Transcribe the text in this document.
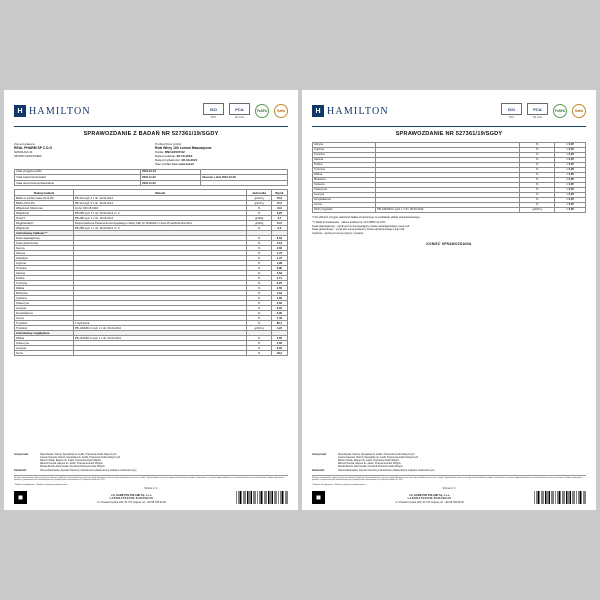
H HAMILTON	ISO
9001
PCA
AB 1234
FoSFA	Gafta
SPRAWOZDANIE Z BADAŃ NR 527361/19/SGDY
Zleceniodawca
REAL PHARM SP Z.O.O
SZKOLNA 41
05-550 CZAPLINEK
Próbka/Opis próbki
Real Whey 100 Lemon Mascarpone
Partia: BN/191507/42
Data produkcji: 28-10-2019
Data przydatności: 28-10-2021
Stan próbki: bez zastrzeżeń
Data przyjęcia próbki	2019-10-31	
Data zakończenia badań	2019-11-22	Zlecenie z dnia 2019-10-30
Data ukończenia sprawozdania	2019-11-22	
Rodzaj badania	Metoda	Jednostka	Wynik
Białko w suchej masie (N×6,25)	PB-114 wyd. 6 z dn. 30.06.2014	g/100 g	76,3
Białko (N×6,25)	PB-114 wyd. 6 z dn. 30.06.2014	g/100 g	72,5
Wilgotność Obliczenia	ACAC 925.45:1994	%	<0,5
Wilgotność	PB-080 wyd. 5 z dn. 06.09.2013 cz. 2	%	3,25
Tłuszcz	PB-286 wyd. 1 z dn. 20.09.2014	g/100g	4,7
Węglowodany*	Rozporządzenie Parlamentu Europejskiego i Rady (UE) Nr 1169/2011 z dnia 25 października 2011	g/100g	11,5
Wilgotność	PB-285 wyd. 1 z dn. 30.09.2014 cz. 5	%	0,0
Aminokwasy białkowe **			
Kwas asparaginowy		%	9,54
Kwas glutaminowy		%	14,3
Seryna		%	4,65
Glicyna		%	1,47
Histydyna		%	1,47
Arginina		%	1,99
Treonina		%	5,90
Alanina		%	4,63
Prolina		%	4,71
Tyrozyna		%	2,22
Walina		%	4,55
Metionina		%	1,64
Cysteina		%	1,65
Izoleucyna		%	4,62
Leucyna		%	9,02
Fenyloalanina		%	2,90
Lizyna		%	7,40
Tryptofan	z wyliczenia	%	80,1
Tryptofan	PB-136/HPLC wyd. 1 z dn. 06.02.2012	g/100 g	1,23
Aminokwasy rozgałęzione			
Walina	PB-134/HPLC wyd. 1 z dn. 06.02.2012	%	4,55
Izoleucyna		%	4,62
Leucyna		%	9,02
Suma		%	18,2
Autoryzował:	Alicja Nowak, Starszy Specjalista ds. Analiz, Pracownia Analiz Klasycznych
Joanna Śpiewak, Starszy Specjalista ds. Analiz, Pracownia Analiz Klasycznych
Marcin Kubiak, Ekspert ds. analiz, Pracownia Analiz Wilgotn.
Mariusz Paczka, Ekspert ds. analiz, Pracownia Analiz Wilgotn.
Monika Bembe-Zakrzewska, Kierownik Pracowni Analiz Wilgotn.
Zatwierdził:	Hanna Wachowska, Dyrektor Naczelny Laboratorium (Zatwierdzono podpisem elektronicznym)
Niniejsze sprawozdanie dotyczy wyłącznie badanych obiektów. Sprawozdanie bez pisemnej zgody laboratorium nie może być powielane inaczej niż w całości. Wyniki badań odnoszą się wyłącznie do badanych próbek. Laboratorium nie ponosi odpowiedzialności za informacje dostarczone przez klienta. Podane niepewności pomiaru są niepewnościami rozszerzonymi przy współczynniku rozszerzenia k=2 i poziomie ufności ok. 95%.
* Badanie akredytowane, # Badanie wykonane podwykonawczo
Strona 1 / 2
J.S. HAMILTON POLAND Sp. z o.o.
LABORATORIUM BADAWCZE
ul. Chwaszczyńska 180, 81-571 Gdynia, tel. +48 58 766 99 00
H HAMILTON	ISO
9001
PCA
AB 1234
FoSFA	Gafta
SPRAWOZDANIE NR 527361/19/SGDY
Glicyna		%	< 0,05
Arginina		%	< 0,05
Treonina		%	< 0,05
Alanina		%	< 0,05
Prolina		%	< 0,05
Tyrozyna		%	< 0,05
Walina		%	< 0,05
Metionina		%	< 0,05
Cysteina		%	< 0,05
Izoleucyna		%	< 0,05
Leucyna		%	< 0,05
Fenyloalanina		%	< 0,05
Lizyna		%	< 0,05
Wolny tryptofan	PB-136/HPLC wyd. 1 z dn. 06.02.2012	g/100 g	< 0,05
*) Do obliczeń przyjęto zawartość białka oznaczonego na podstawie składu aminokwasowego.
**) Skład aminokwasów - zakres analityczny od 0,085% do 10%.
Kwas asparaginowy - wynik jest sumą asparaginy, kwasu asparaginowego i jego soli.
Kwas glutaminowy - wynik jest sumą glutaminy, kwasu glutaminowego i jego soli.
Cysteina - wynik jest sumą cystyny i cysteiny.
KONIEC SPRAWOZDANIA
Autoryzował:	Alicja Nowak, Starszy Specjalista ds. Analiz, Pracownia Analiz Klasycznych
Joanna Śpiewak, Starszy Specjalista ds. Analiz, Pracownia Analiz Klasycznych
Marcin Kubiak, Ekspert ds. analiz, Pracownia Analiz Wilgotn.
Mariusz Paczka, Ekspert ds. analiz, Pracownia Analiz Wilgotn.
Monika Bembe-Zakrzewska, Kierownik Pracowni Analiz Wilgotn.
Zatwierdził:	Hanna Wachowska, Dyrektor Naczelny Laboratorium (Zatwierdzono podpisem elektronicznym)
Niniejsze sprawozdanie dotyczy wyłącznie badanych obiektów. Sprawozdanie bez pisemnej zgody laboratorium nie może być powielane inaczej niż w całości. Wyniki badań odnoszą się wyłącznie do badanych próbek. Laboratorium nie ponosi odpowiedzialności za informacje dostarczone przez klienta. Podane niepewności pomiaru są niepewnościami rozszerzonymi przy współczynniku rozszerzenia k=2 i poziomie ufności ok. 95%.
* Badanie akredytowane, # Badanie wykonane podwykonawczo
Strona 2 / 2
J.S. HAMILTON POLAND Sp. z o.o.
LABORATORIUM BADAWCZE
ul. Chwaszczyńska 180, 81-571 Gdynia, tel. +48 58 766 99 00
